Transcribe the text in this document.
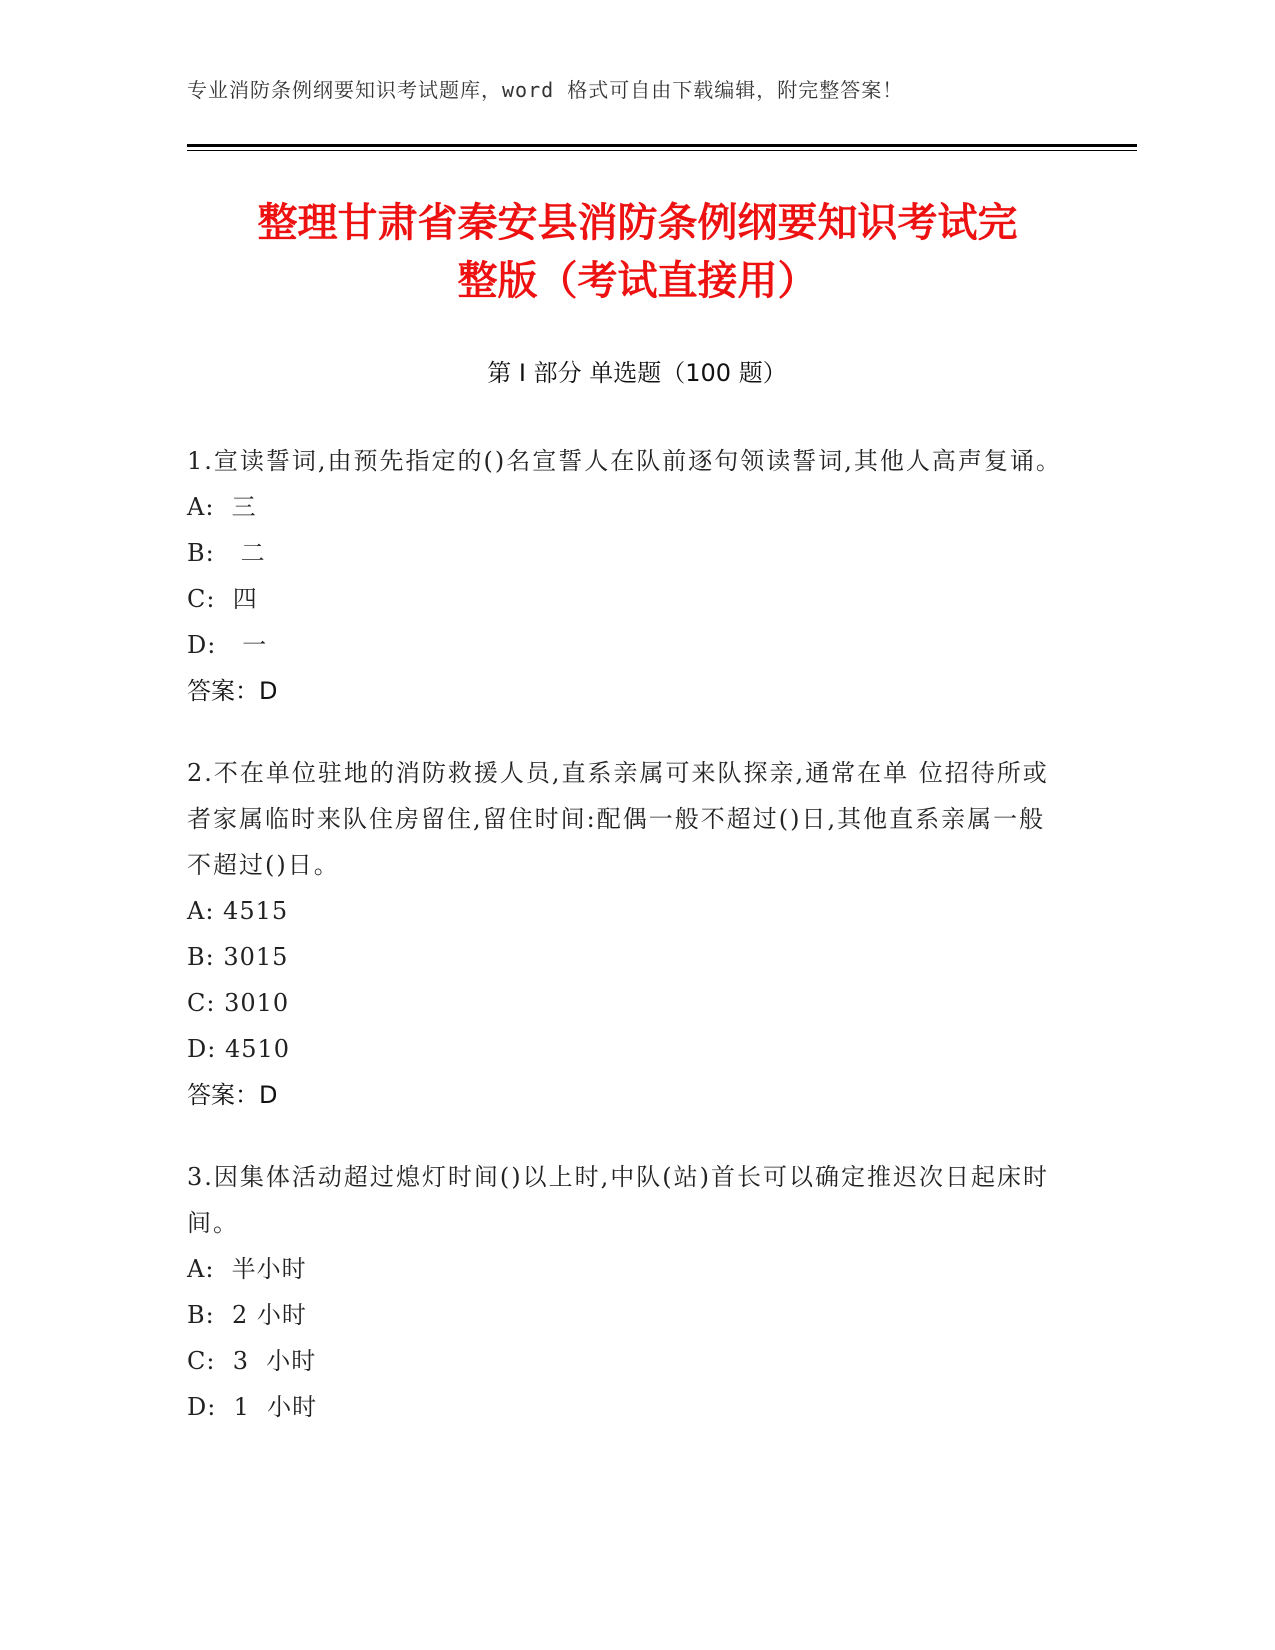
专业消防条例纲要知识考试题库，word 格式可自由下载编辑，附完整答案！
整理甘肃省秦安县消防条例纲要知识考试完
整版（考试直接用）
第 I 部分 单选题（100 题）
1.宣读誓词,由预先指定的()名宣誓人在队前逐句领读誓词,其他人高声复诵。
A:  三
B:   二
C:  四
D:   一
答案：D
2.不在单位驻地的消防救援人员,直系亲属可来队探亲,通常在单 位招待所或者家属临时来队住房留住,留住时间:配偶一般不超过()日,其他直系亲属一般不超过()日。
A: 4515
B: 3015
C: 3010
D: 4510
答案：D
3.因集体活动超过熄灯时间()以上时,中队(站)首长可以确定推迟次日起床时间。
A:  半小时
B:  2 小时
C:  3  小时
D:  1  小时
